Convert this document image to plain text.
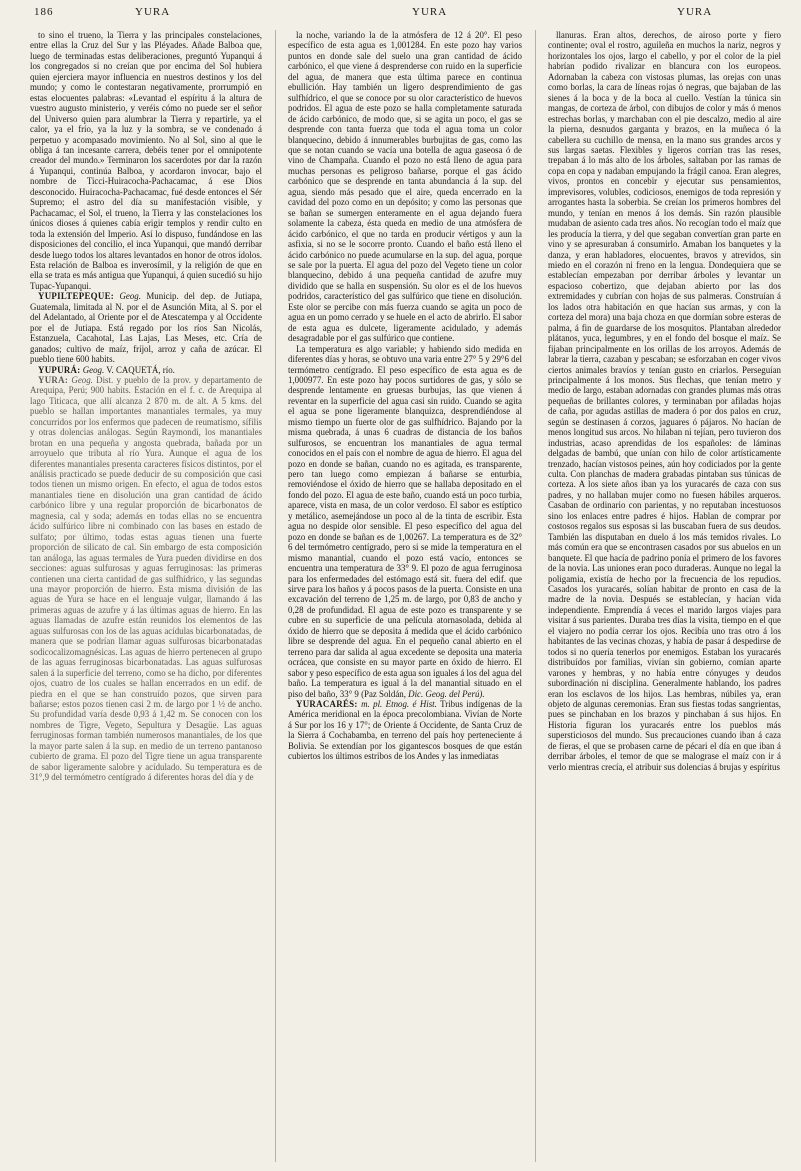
186	YURA	YURA	YURA

to sino el trueno, la Tierra y las principales constelaciones, entre ellas la Cruz del Sur y las Pléyades. Añade Balboa que, luego de terminadas estas deliberaciones, preguntó Yupanqui á los congregados si no creían que por encima del Sol hubiera quien ejerciera mayor influencia en nuestros destinos y los del mundo; y como le contestaran negativamente, prorrumpió en estas elocuentes palabras: «Levantad el espíritu á la altura de vuestro augusto ministerio, y veréis cómo no puede ser el señor del Universo quien para alumbrar la Tierra y repartirle, ya el calor, ya el frío, ya la luz y la sombra, se ve condenado á perpetuo y acompasado movimiento. No al Sol, sino al que le obliga á tan incesante carrera, debéis tener por el omnipotente creador del mundo.» Terminaron los sacerdotes por dar la razón á Yupanqui, continúa Balboa, y acordaron invocar, bajo el nombre de Ticci-Huiracocha-Pachacamac, á ese Dios desconocido. Huiracocha-Pachacamac, fué desde entonces el Sér Supremo; el astro del día su manifestación visible, y Pachacamac, el Sol, el trueno, la Tierra y las constelaciones los únicos dioses á quienes cabía erigir templos y rendir culto en toda la extensión del Imperio. Así lo dispuso, fundándose en las disposiciones del concilio, el inca Yupanqui, que mandó derribar desde luego todos los altares levantados en honor de otros ídolos. Esta relación de Balboa es inverosímil, y la religión de que en ella se trata es más antigua que Yupanqui, á quien sucedió su hijo Tupac-Yupanqui.

YUPILTEPEQUE: Geog. Municip. del dep. de Jutiapa, Guatemala, limitada al N. por el de Asunción Mita, al S. por el del Adelantado, al Oriente por el de Atescatempa y al Occidente por el de Jutiapa. Está regado por los ríos San Nicolás, Estanzuela, Cacahotal, Las Lajas, Las Meses, etc. Cría de ganados; cultivo de maíz, fríjol, arroz y caña de azúcar. El pueblo tiene 600 habits.

YUPURÁ: Geog. V. CAQUETÁ, río.

YURA: Geog. Dist. y pueblo de la prov. y departamento de Arequipa, Perú; 900 habits. Estación en el f. c. de Arequipa al lago Titicaca, que allí alcanza 2 870 m. de alt. A 5 kms. del pueblo se hallan importantes manantiales termales, ya muy concurridos por los enfermos que padecen de reumatismo, sífilis y otras dolencias análogas. Según Raymondi, los manantiales brotan en una pequeña y angosta quebrada, bañada por un arroyuelo que tributa al río Yura. Aunque el agua de los diferentes manantiales presenta caracteres físicos distintos, por el análisis practicado se puede deducir de su composición que casi todos tienen un mismo origen. En efecto, el agua de todos estos manantiales tiene en disolución una gran cantidad de ácido carbónico libre y una regular proporción de bicarbonatos de magnesia, cal y soda; además en todas ellas no se encuentra ácido sulfúrico libre ni combinado con las bases en estado de sulfato; por último, todas estas aguas tienen una fuerte proporción de silicato de cal. Sin embargo de esta composición tan análoga, las aguas termales de Yura pueden dividirse en dos secciones: aguas sulfurosas y aguas ferruginosas: las primeras contienen una cierta cantidad de gas sulfhídrico, y las segundas una mayor proporción de hierro. Esta misma división de las aguas de Yura se hace en el lenguaje vulgar, llamando á las primeras aguas de azufre y á las últimas aguas de hierro. En las aguas llamadas de azufre están reunidos los elementos de las aguas sulfurosas con los de las aguas acídulas bicarbonatadas, de manera que se podrían llamar aguas sulfurosas bicarbonatadas sodicocalizomagnésicas. Las aguas de hierro pertenecen al grupo de las aguas ferruginosas bicarbonatadas. Las aguas sulfurosas salen á la superficie del terreno, como se ha dicho, por diferentes ojos, cuatro de los cuales se hallan encerrados en un edif. de piedra en el que se han construído pozos, que sirven para bañarse; estos pozos tienen casi 2 m. de largo por 1 ½ de ancho. Su profundidad varía desde 0,93 á 1,42 m. Se conocen con los nombres de Tigre, Vegeto, Sepultura y Desagüe. Las aguas ferruginosas forman también numerosos manantiales, de los que la mayor parte salen á la sup. en medio de un terreno pantanoso cubierto de grama. El pozo del Tigre tiene un agua transparente de sabor ligeramente salobre y acídulado. Su temperatura es de 31°,9 del termómetro centígrado á diferentes horas del día y de

la noche, variando la de la atmósfera de 12 á 20°. El peso específico de esta agua es 1,001284. En este pozo hay varios puntos en donde sale del suelo una gran cantidad de ácido carbónico, el que viene á desprenderse con ruido en la superficie del agua, de manera que esta última parece en continua ebullición. Hay también un ligero desprendimiento de gas sulfhídrico, el que se conoce por su olor característico de huevos podridos. El agua de este pozo se halla completamente saturada de ácido carbónico, de modo que, si se agita un poco, el gas se desprende con tanta fuerza que toda el agua toma un color blanquecino, debido á innumerables burbujitas de gas, como las que se notan cuando se vacía una botella de agua gaseosa ó de vino de Champaña. Cuando el pozo no está lleno de agua para muchas personas es peligroso bañarse, porque el gas ácido carbónico que se desprende en tanta abundancia á la sup. del agua, siendo más pesado que el aire, queda encerrado en la cavidad del pozo como en un depósito; y como las personas que se bañan se sumergen enteramente en el agua dejando fuera solamente la cabeza, ésta queda en medio de una atmósfera de ácido carbónico, el que no tarda en producir vértigos y aun la asfixia, si no se le socorre pronto. Cuando el baño está lleno el ácido carbónico no puede acumularse en la sup. del agua, porque se sale por la puerta. El agua del pozo del Vegeto tiene un color blanquecino, debido á una pequeña cantidad de azufre muy dividido que se halla en suspensión. Su olor es el de los huevos podridos, característico del gas sulfúrico que tiene en disolución. Este olor se percibe con más fuerza cuando se agita un poco de agua en un pomo cerrado y se huele en el acto de abrirlo. El sabor de esta agua es dulcete, ligeramente acidulado, y además desagradable por el gas sulfúrico que contiene.

La temperatura es algo variable; y habiendo sido medida en diferentes días y horas, se obtuvo una varia entre 27° 5 y 29°6 del termómetro centígrado. El peso específico de esta agua es de 1,000977. En este pozo hay pocos surtidores de gas, y sólo se desprende lentamente en gruesas burbujas, las que vienen á reventar en la superficie del agua casi sin ruido. Cuando se agita el agua se pone ligeramente blanquizca, desprendiéndose al mismo tiempo un fuerte olor de gas sulfhídrico. Bajando por la misma quebrada, á unas 6 cuadras de distancia de los baños sulfurosos, se encuentran los manantiales de agua termal conocidos en el país con el nombre de agua de hierro. El agua del pozo en donde se bañan, cuando no es agitada, es transparente, pero tan luego como empiezan á bañarse se enturbia, removiéndose el óxido de hierro que se hallaba depositado en el fondo del pozo. El agua de este baño, cuando está un poco turbia, aparece, vista en masa, de un color verdoso. El sabor es estíptico y metálico, asemejándose un poco al de la tinta de escribir. Esta agua no despide olor sensible. El peso específico del agua del pozo en donde se bañan es de 1,00267. La temperatura es de 32° 6 del termómetro centígrado, pero si se mide la temperatura en el mismo manantial, cuando el pozo está vacío, entonces se encuentra una temperatura de 33° 9. El pozo de agua ferruginosa para los enfermedades del estómago está sit. fuera del edif. que sirve para los baños y á pocos pasos de la puerta. Consiste en una excavación del terreno de 1,25 m. de largo, por 0,83 de ancho y 0,28 de profundidad. El agua de este pozo es transparente y se cubre en su superficie de una película atornasolada, debida al óxido de hierro que se deposita á medida que el ácido carbónico libre se desprende del agua. En el pequeño canal abierto en el terreno para dar salida al agua excedente se deposita una materia ocrácea, que consiste en su mayor parte en óxido de hierro. El sabor y peso específico de esta agua son iguales á los del agua del baño. La temperatura es igual á la del manantial situado en el piso del baño, 33° 9 (Paz Soldán, Dic. Geog. del Perú).

YURACARÉS: m. pl. Etnog. é Hist. Tribus indígenas de la América meridional en la época precolombiana. Vivían de Norte á Sur por los 16 y 17°; de Oriente á Occidente, de Santa Cruz de la Sierra á Cochabamba, en terreno del país hoy perteneciente á Bolivia. Se extendían por los gigantescos bosques de que están cubiertos los últimos estribos de los Andes y las inmediatas

llanuras. Eran altos, derechos, de airoso porte y fiero continente; oval el rostro, aguileña en muchos la nariz, negros y horizontales los ojos, largo el cabello, y por el color de la piel habrían podido rivalizar en blancura con los europeos. Adornaban la cabeza con vistosas plumas, las orejas con unas como borlas, la cara de líneas rojas ó negras, que bajaban de las sienes á la boca y de la boca al cuello. Vestían la túnica sin mangas, de corteza de árbol, con dibujos de color y más ó menos estrechas borlas, y marchaban con el pie descalzo, medio al aire la pierna, desnudos garganta y brazos, en la muñeca ó la cabellera su cuchillo de mensa, en la mano sus grandes arcos y sus largas saetas. Flexibles y ligeros corrían tras las reses, trepaban á lo más alto de los árboles, saltaban por las ramas de copa en copa y nadaban empujando la frágil canoa. Eran alegres, vivos, prontos en concebir y ejecutar sus pensamientos, imprevisores, volubles, codiciosos, enemigos de toda represión y arrogantes hasta la soberbia. Se creían los primeros hombres del mundo, y tenían en menos á los demás. Sin razón plausible mudaban de asiento cada tres años. No recogían todo el maíz que les producía la tierra, y del que segaban convertían gran parte en vino y se apresuraban á consumirlo. Amaban los banquetes y la danza, y eran habladores, elocuentes, bravos y atrevidos, sin miedo en el corazón ni freno en la lengua. Dondequiera que se establecían empezaban por derribar árboles y levantar un espacioso cobertizo, que dejaban abierto por las dos extremidades y cubrían con hojas de sus palmeras. Construían á los lados otra habitación en que hacían sus armas, y con la corteza del mora) una baja choza en que dormían sobre esteras de palma, á fin de guardarse de los mosquitos. Plantaban alrededor plátanos, yuca, legumbres, y en el fondo del bosque el maíz. Se fijaban principalmente en los orillas de los arroyos. Además de labrar la tierra, cazaban y pescaban; se esforzaban en coger vivos ciertos animales bravíos y tenían gusto en criarlos. Perseguían principalmente á los monos. Sus flechas, que tenían metro y medio de largo, estaban adornadas con grandes plumas más otras pequeñas de brillantes colores, y terminaban por afiladas hojas de caña, por agudas astillas de madera ó por dos palos en cruz, según se destinasen á corzos, jaguares ó pájaros. No hacían de menos longitud sus arcos. No hilaban ni tejían, pero tuvieron dos industrias, acaso aprendidas de los españoles: de láminas delgadas de bambú, que unían con hilo de color artísticamente trenzado, hacían vistosos peines, aún hoy codiciados por la gente culta. Con planchas de madera grabadas pintaban sus túnicas de corteza. A los siete años iban ya los yuracarés de caza con sus padres, y no hallaban mujer como no fuesen hábiles arqueros. Casaban de ordinario con parientas, y no reputaban incestuosos sino los enlaces entre padres é hijos. Hablan de comprar por costosos regalos sus esposas si las buscaban fuera de sus deudos. También las disputaban en duelo á los más temidos rivales. Lo más común era que se encontrasen casados por sus abuelos en un banquete. El que hacía de padrino ponía el primero de los favores de la novia. Las uniones eran poco duraderas. Aunque no legal la poligamia, existía de hecho por la frecuencia de los repudios. Casados los yuracarés, solían habitar de pronto en casa de la madre de la novia. Después se establecían, y hacían vida independiente. Emprendía á veces el marido largos viajes para visitar á sus parientes. Duraba tres días la visita, tiempo en el que el viajero no podía cerrar los ojos. Recibía uno tras otro á los habitantes de las vecinas chozas, y había de pasar á despedirse de todos si no quería tenerlos por enemigos. Estaban los yuracarés distribuídos por familias, vivían sin gobierno, comían aparte varones y hembras, y no había entre cónyuges y deudos subordinación ni disciplina. Generalmente hablando, los padres eran los esclavos de los hijos. Las hembras, núbiles ya, eran objeto de algunas ceremonias. Eran sus fiestas todas sangrientas, pues se pinchaban en los brazos y pinchaban á sus hijos. En Historia figuran los yuracarés entre los pueblos más supersticiosos del mundo. Sus precauciones cuando iban á caza de fieras, el que se probasen carne de pécari el día en que iban á derribar árboles, el temor de que se malograse el maíz con ir á verlo mientras crecía, el atribuir sus dolencias á brujas y espíritus
